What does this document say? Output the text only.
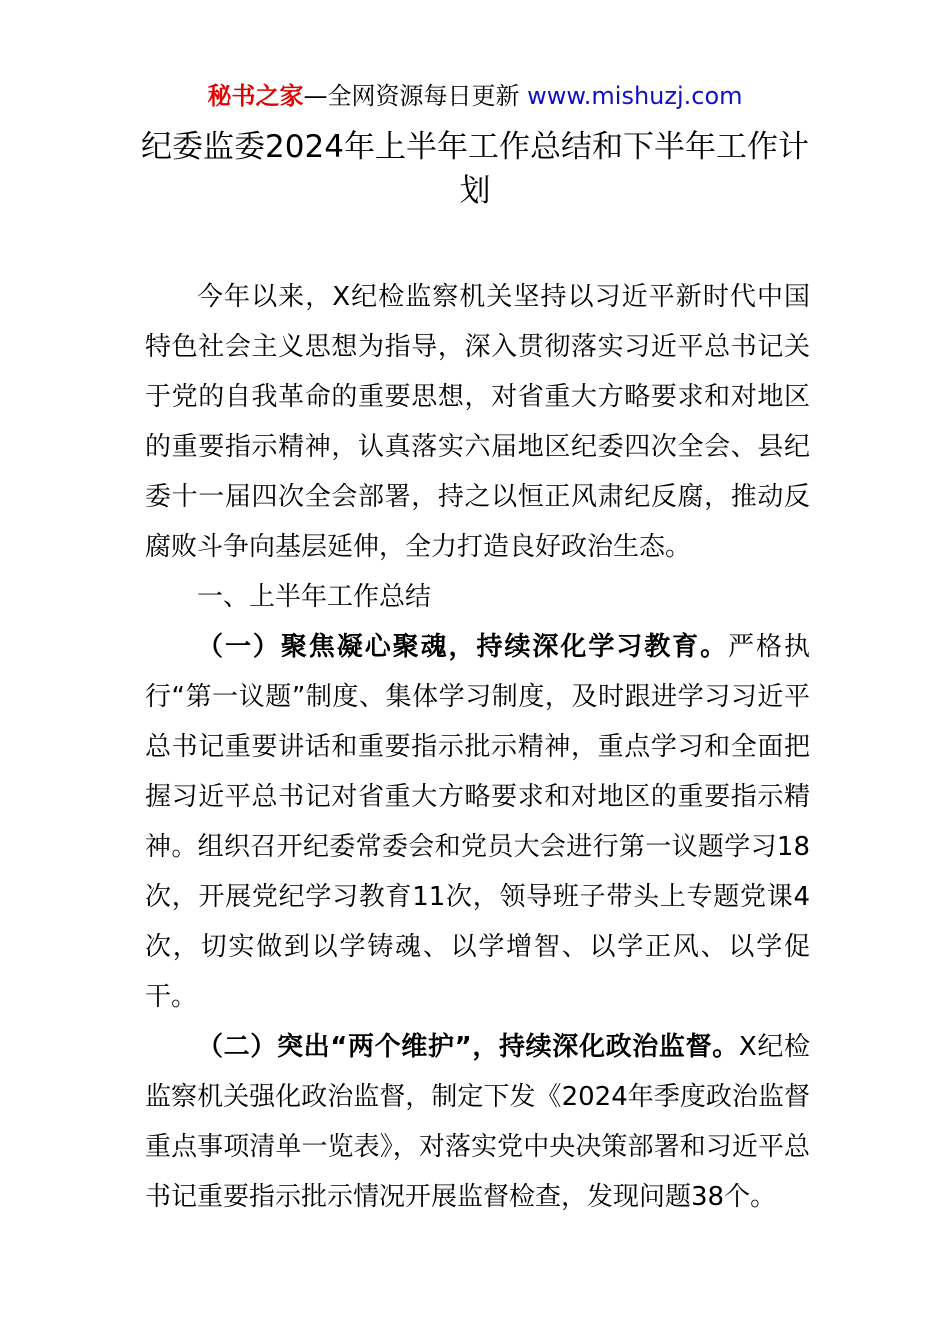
秘书之家—全网资源每日更新 www.mishuzj.com
纪委监委2024年上半年工作总结和下半年工作计划

今年以来，X纪检监察机关坚持以习近平新时代中国特色社会主义思想为指导，深入贯彻落实习近平总书记关于党的自我革命的重要思想，对省重大方略要求和对地区的重要指示精神，认真落实六届地区纪委四次全会、县纪委十一届四次全会部署，持之以恒正风肃纪反腐，推动反腐败斗争向基层延伸，全力打造良好政治生态。

一、上半年工作总结

（一）聚焦凝心聚魂，持续深化学习教育。严格执行“第一议题”制度、集体学习制度，及时跟进学习习近平总书记重要讲话和重要指示批示精神，重点学习和全面把握习近平总书记对省重大方略要求和对地区的重要指示精神。组织召开纪委常委会和党员大会进行第一议题学习18次，开展党纪学习教育11次，领导班子带头上专题党课4次，切实做到以学铸魂、以学增智、以学正风、以学促干。

（二）突出“两个维护”，持续深化政治监督。X纪检监察机关强化政治监督，制定下发《2024年季度政治监督重点事项清单一览表》，对落实党中央决策部署和习近平总书记重要指示批示情况开展监督检查，发现问题38个。
